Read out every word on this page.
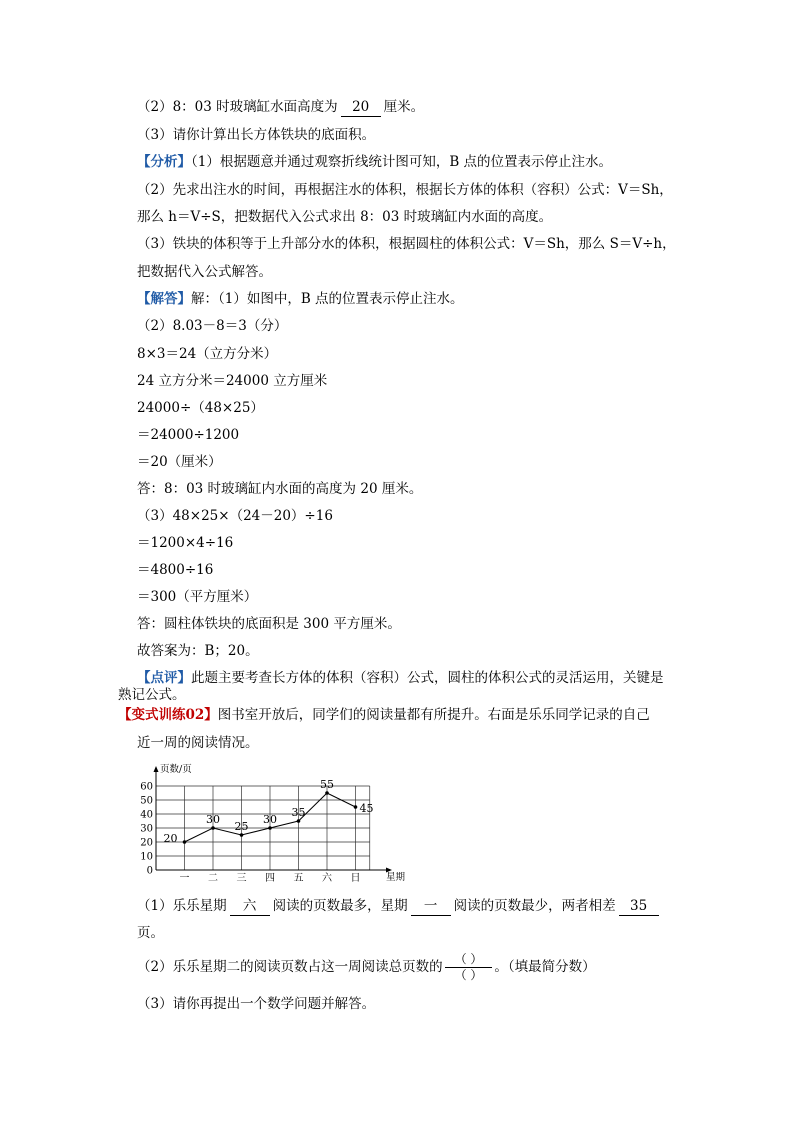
（2）8：03 时玻璃缸水面高度为 20 厘米。
（3）请你计算出长方体铁块的底面积。
【分析】（1）根据题意并通过观察折线统计图可知，B 点的位置表示停止注水。
（2）先求出注水的时间，再根据注水的体积，根据长方体的体积（容积）公式：V＝Sh，
那么 h＝V÷S，把数据代入公式求出 8：03 时玻璃缸内水面的高度。
（3）铁块的体积等于上升部分水的体积，根据圆柱的体积公式：V＝Sh，那么 S＝V÷h，
把数据代入公式解答。
【解答】解：（1）如图中，B 点的位置表示停止注水。
（2）8.03－8＝3（分）
8×3＝24（立方分米）
24 立方分米＝24000 立方厘米
24000÷（48×25）
＝24000÷1200
＝20（厘米）
答：8：03 时玻璃缸内水面的高度为 20 厘米。
（3）48×25×（24－20）÷16
＝1200×4÷16
＝4800÷16
＝300（平方厘米）
答：圆柱体铁块的底面积是 300 平方厘米。
故答案为：B；20。
【点评】此题主要考查长方体的体积（容积）公式，圆柱的体积公式的灵活运用，关键是
熟记公式。
【变式训练02】图书室开放后，同学们的阅读量都有所提升。右面是乐乐同学记录的自己
近一周的阅读情况。
0
10
20
30
40
50
60
页数/页
星期
一 二 三 四 五 六 日
20
30
25
30
35
55
45
（1）乐乐星期 六 阅读的页数最多，星期 一 阅读的页数最少，两者相差 35
页。
（2）乐乐星期二的阅读页数占这一周阅读总页数的 $\frac{( )}{( )}$ 。（填最简分数）
（3）请你再提出一个数学问题并解答。
